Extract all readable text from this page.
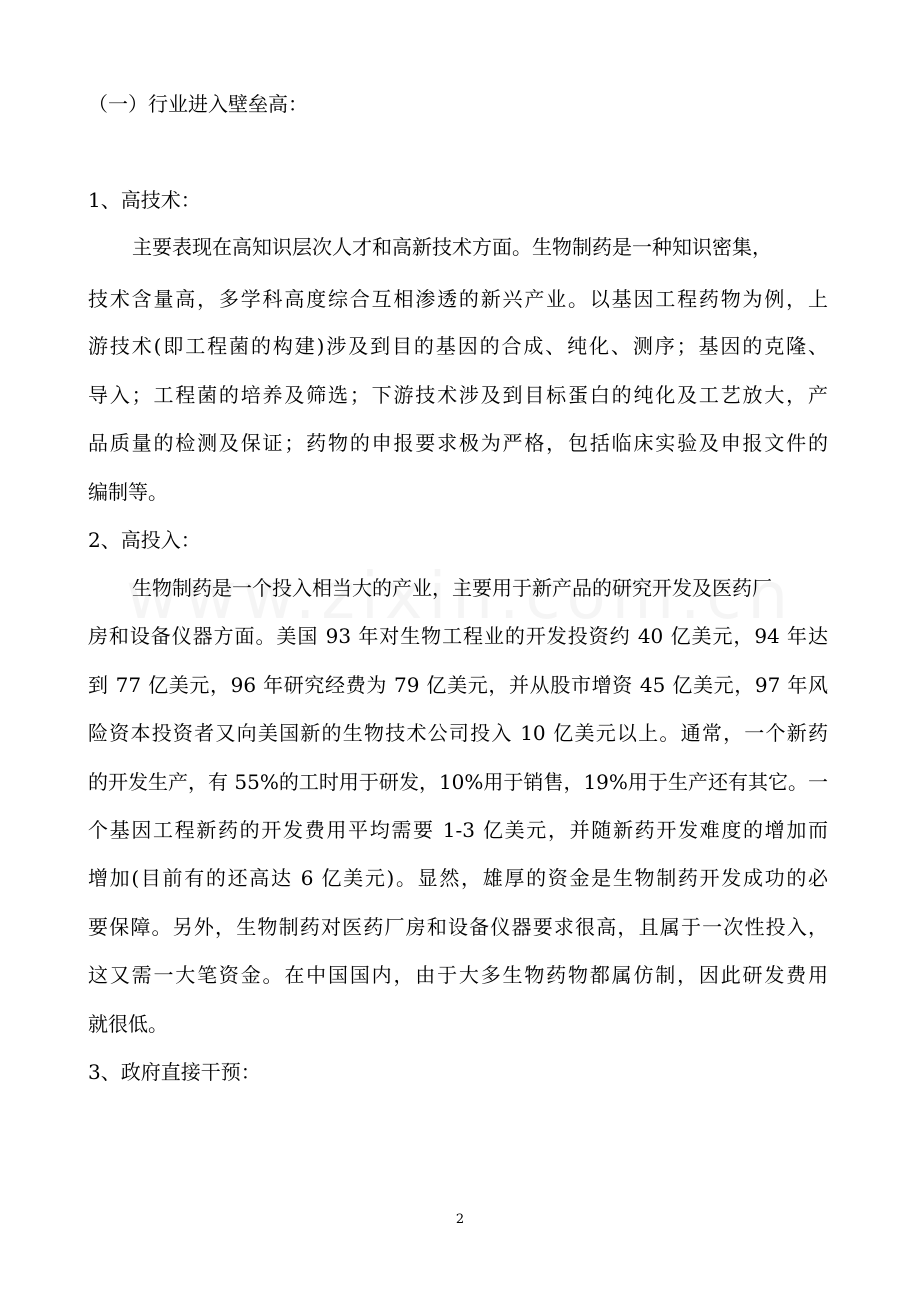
（一）行业进入壁垒高：
1、高技术：
主要表现在高知识层次人才和高新技术方面。生物制药是一种知识密集，
技术含量高，多学科高度综合互相渗透的新兴产业。以基因工程药物为例，上
游技术(即工程菌的构建)涉及到目的基因的合成、纯化、测序；基因的克隆、
导入；工程菌的培养及筛选；下游技术涉及到目标蛋白的纯化及工艺放大，产
品质量的检测及保证；药物的申报要求极为严格，包括临床实验及申报文件的
编制等。
2、高投入：
生物制药是一个投入相当大的产业，主要用于新产品的研究开发及医药厂
房和设备仪器方面。美国 93 年对生物工程业的开发投资约 40 亿美元，94 年达
到 77 亿美元，96 年研究经费为 79 亿美元，并从股市增资 45 亿美元，97 年风
险资本投资者又向美国新的生物技术公司投入 10 亿美元以上。通常，一个新药
的开发生产，有 55%的工时用于研发，10%用于销售，19%用于生产还有其它。一
个基因工程新药的开发费用平均需要 1-3 亿美元，并随新药开发难度的增加而
增加(目前有的还高达 6 亿美元)。显然，雄厚的资金是生物制药开发成功的必
要保障。另外，生物制药对医药厂房和设备仪器要求很高，且属于一次性投入，
这又需一大笔资金。在中国国内，由于大多生物药物都属仿制，因此研发费用
就很低。
3、政府直接干预：
2
